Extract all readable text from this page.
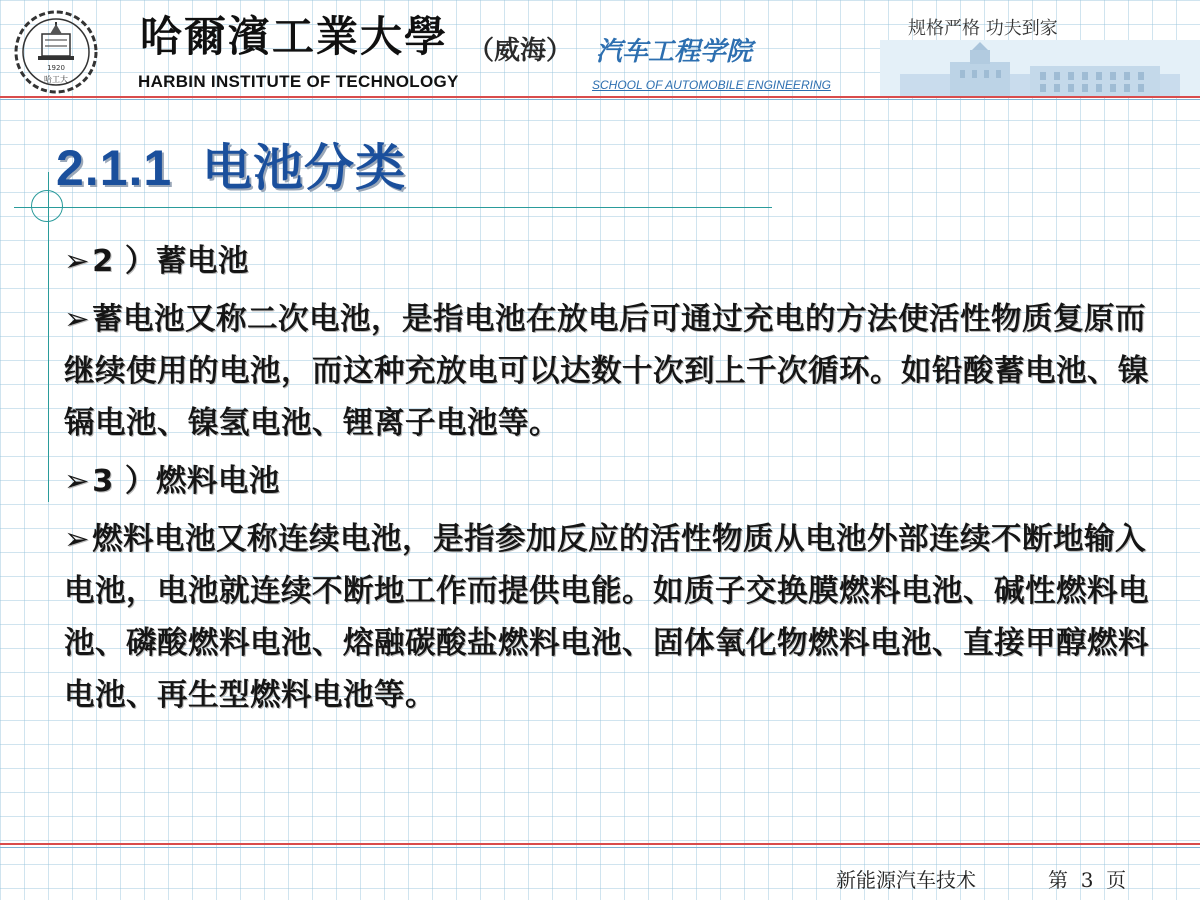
1920
哈工大
哈爾濱工業大學 （威海） 汽车工程学院
HARBIN INSTITUTE OF TECHNOLOGY	SCHOOL OF AUTOMOBILE ENGINEERING
规格严格 功夫到家
2.1.1 电池分类

➢2 ）蓄电池

➢蓄电池又称二次电池，是指电池在放电后可通过充电的方法使活性物质复原而继续使用的电池，而这种充放电可以达数十次到上千次循环。如铅酸蓄电池、镍镉电池、镍氢电池、锂离子电池等。

➢3 ）燃料电池

➢燃料电池又称连续电池，是指参加反应的活性物质从电池外部连续不断地输入电池，电池就连续不断地工作而提供电能。如质子交换膜燃料电池、碱性燃料电池、磷酸燃料电池、熔融碳酸盐燃料电池、固体氧化物燃料电池、直接甲醇燃料电池、再生型燃料电池等。

新能源汽车技术	第 3 页
